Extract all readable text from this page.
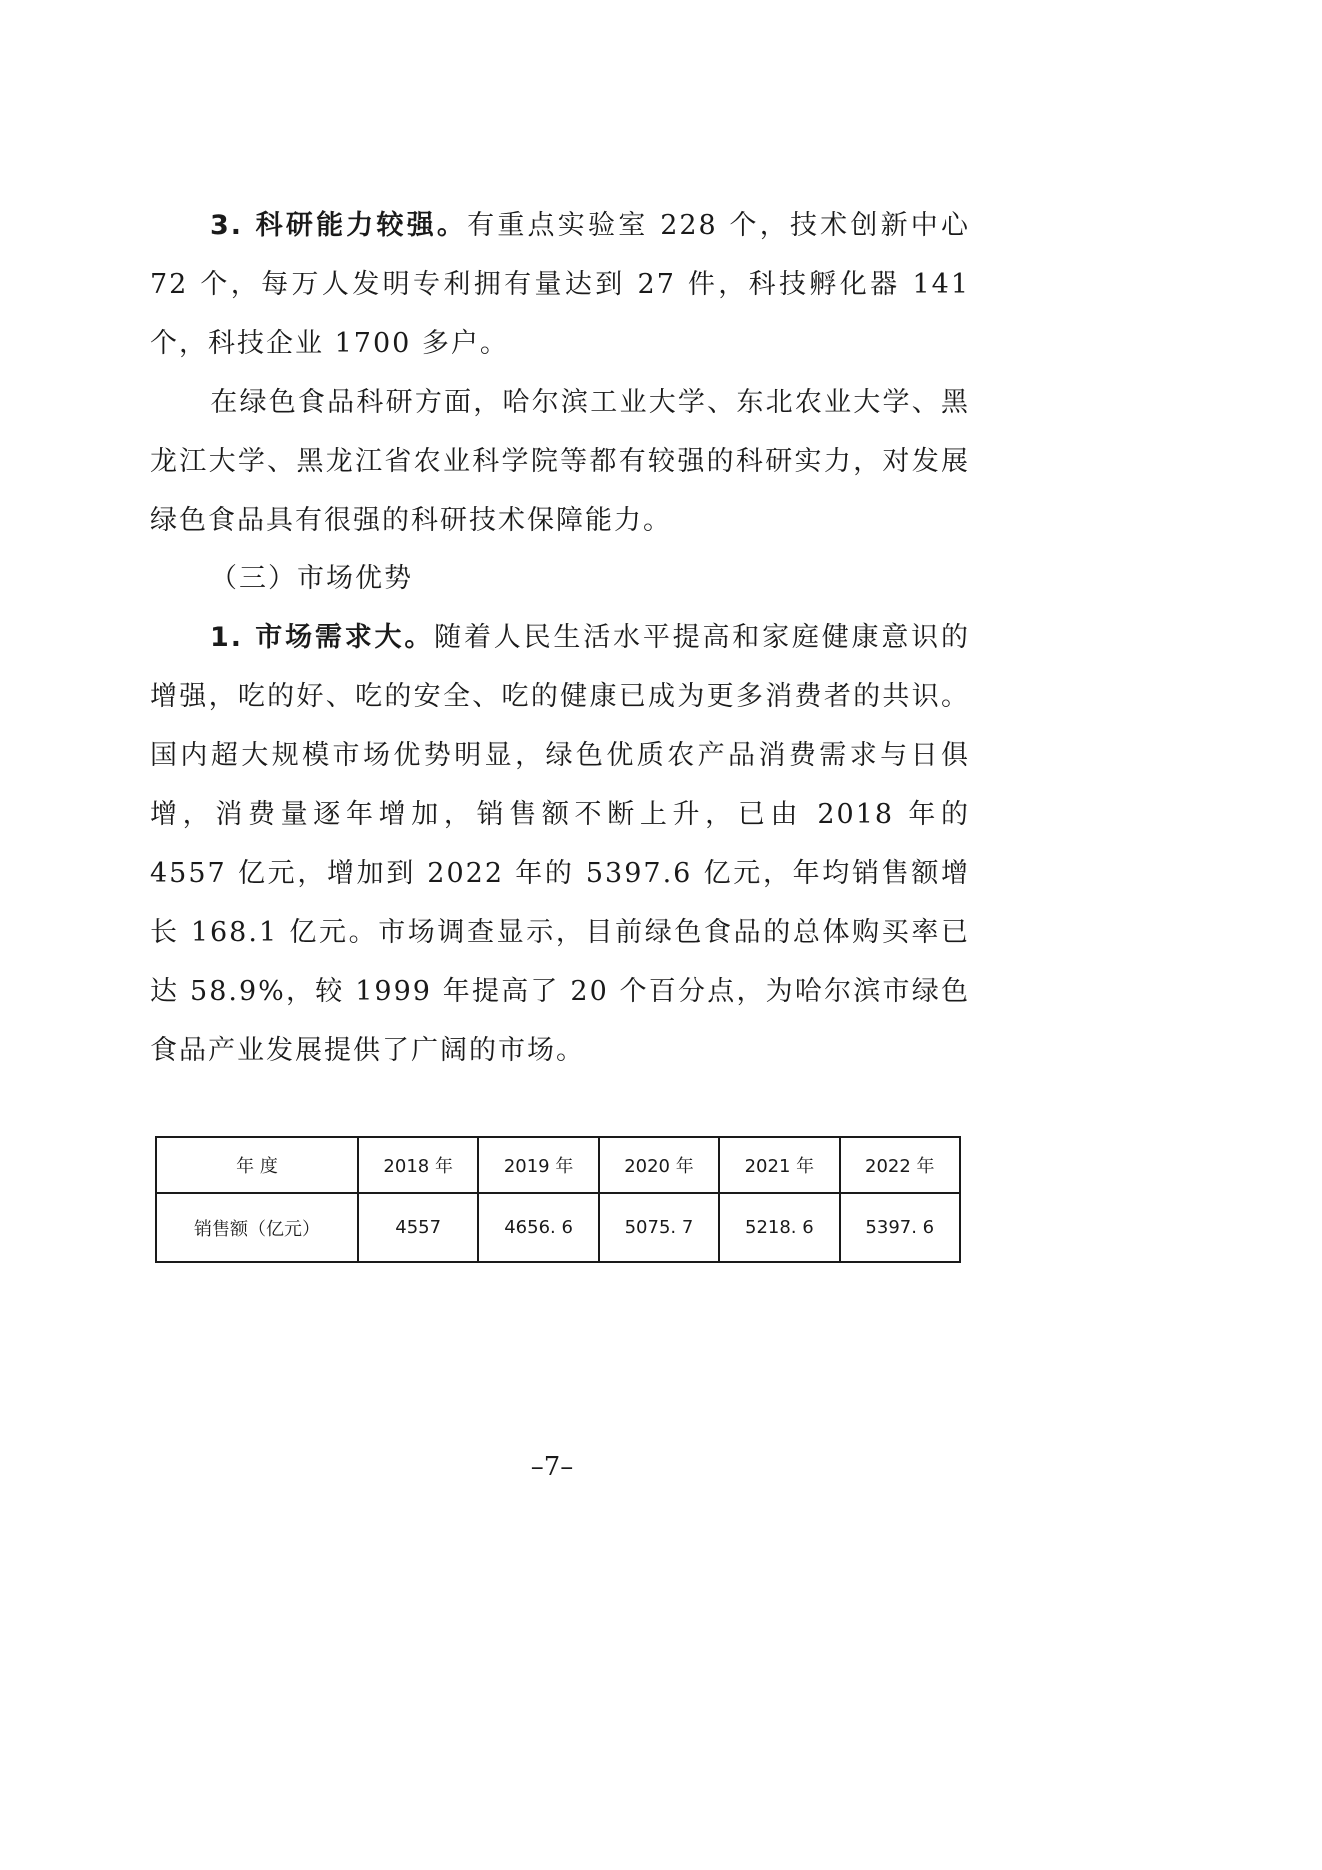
3. 科研能力较强。有重点实验室 228 个，技术创新中心 72 个，每万人发明专利拥有量达到 27 件，科技孵化器 141 个，科技企业 1700 多户。

在绿色食品科研方面，哈尔滨工业大学、东北农业大学、黑龙江大学、黑龙江省农业科学院等都有较强的科研实力，对发展绿色食品具有很强的科研技术保障能力。

（三）市场优势

1. 市场需求大。随着人民生活水平提高和家庭健康意识的增强，吃的好、吃的安全、吃的健康已成为更多消费者的共识。国内超大规模市场优势明显，绿色优质农产品消费需求与日俱增，消费量逐年增加，销售额不断上升，已由 2018 年的 4557 亿元，增加到 2022 年的 5397.6 亿元，年均销售额增长 168.1 亿元。市场调查显示，目前绿色食品的总体购买率已达 58.9%，较 1999 年提高了 20 个百分点，为哈尔滨市绿色食品产业发展提供了广阔的市场。

年 度	2018 年	2019 年	2020 年	2021 年	2022 年
销售额（亿元）	4557	4656. 6	5075. 7	5218. 6	5397. 6
–7–
